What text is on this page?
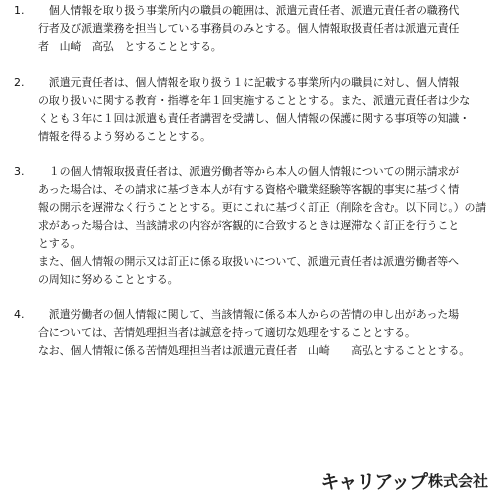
1.	　個人情報を取り扱う事業所内の職員の範囲は、派遣元責任者、派遣元責任者の職務代
行者及び派遣業務を担当している事務員のみとする。個人情報取扱責任者は派遣元責任
者　山崎　高弘　とすることとする。
2.	　派遣元責任者は、個人情報を取り扱う１に記載する事業所内の職員に対し、個人情報
の取り扱いに関する教育・指導を年１回実施することとする。また、派遣元責任者は少な
くとも３年に１回は派遣も責任者講習を受講し、個人情報の保護に関する事項等の知識・
情報を得るよう努めることとする。
3.	　１の個人情報取扱責任者は、派遣労働者等から本人の個人情報についての開示請求が
あった場合は、その請求に基づき本人が有する資格や職業経験等客観的事実に基づく情
報の開示を遅滞なく行うこととする。更にこれに基づく訂正（削除を含む。以下同じ。）の請
求があった場合は、当該請求の内容が客観的に合致するときは遅滞なく訂正を行うこと
とする。
また、個人情報の開示又は訂正に係る取扱いについて、派遣元責任者は派遣労働者等へ
の周知に努めることとする。
4.	　派遣労働者の個人情報に関して、当該情報に係る本人からの苦情の申し出があった場
合については、苦情処理担当者は誠意を持って適切な処理をすることとする。
なお、個人情報に係る苦情処理担当者は派遣元責任者　山崎　　高弘とすることとする。
キャリアップ 株式会社
